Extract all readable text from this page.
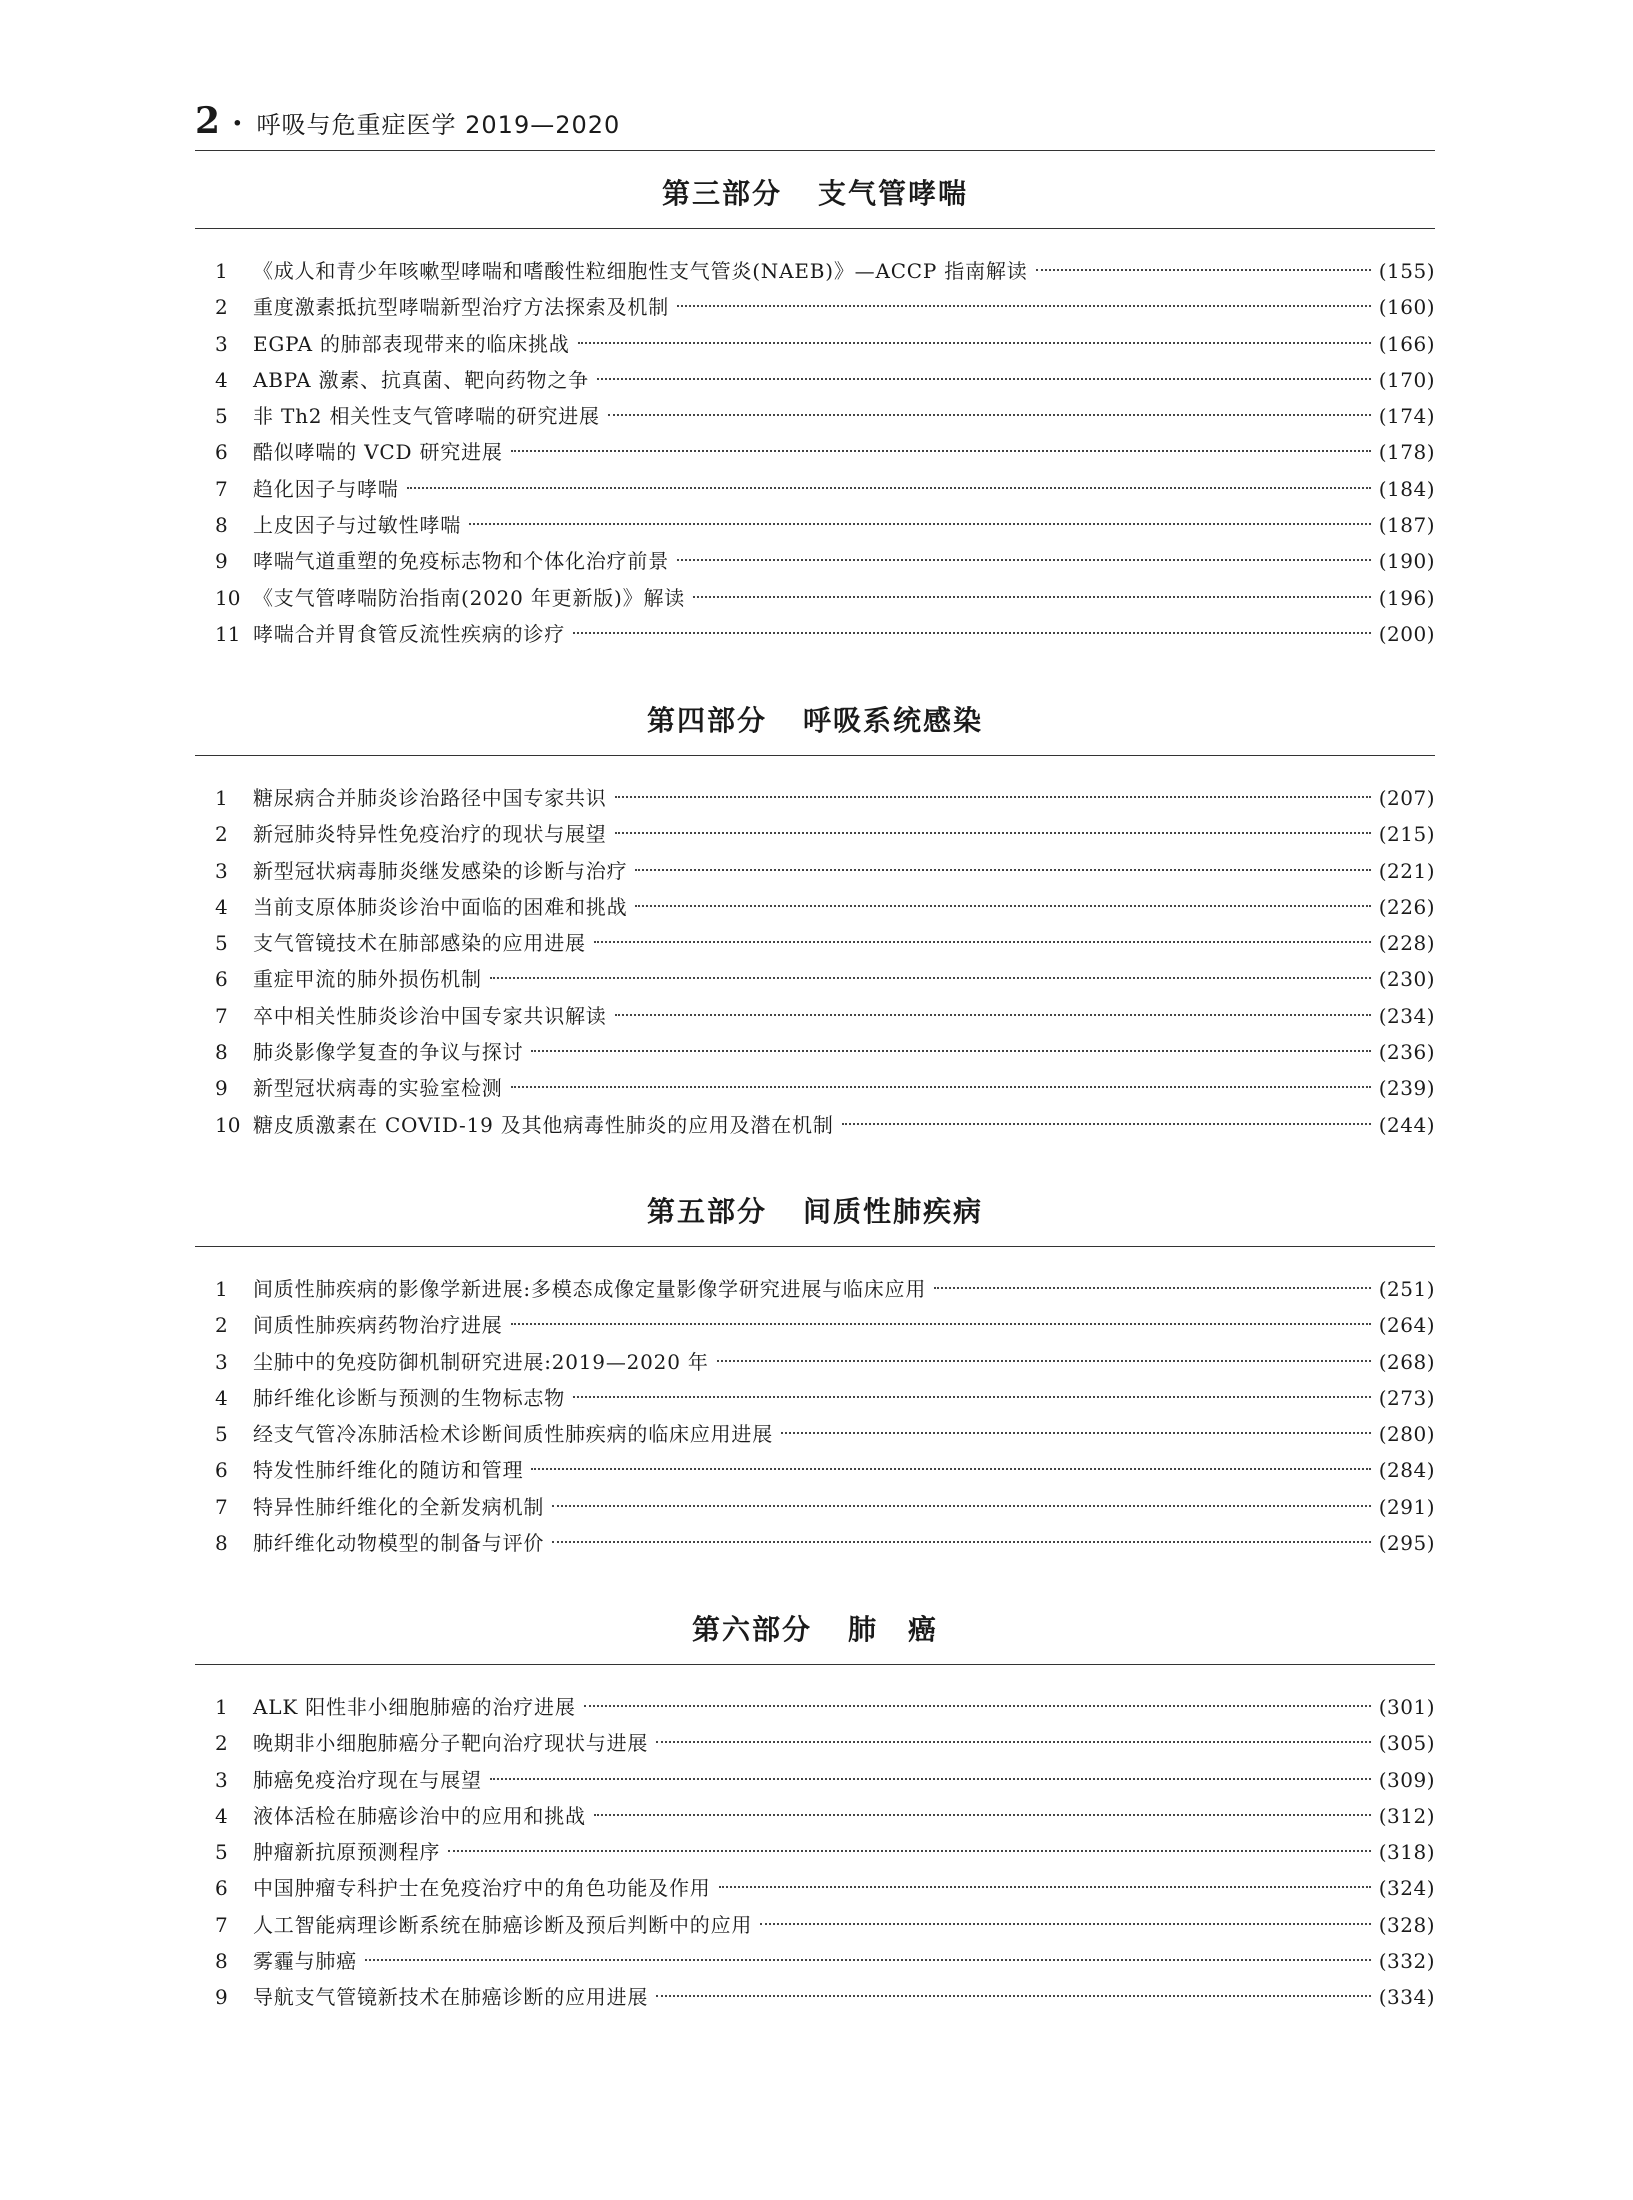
2 · 呼吸与危重症医学 2019—2020
第三部分 支气管哮喘
1	《成人和青少年咳嗽型哮喘和嗜酸性粒细胞性支气管炎(NAEB)》—ACCP 指南解读	(155)
2	重度激素抵抗型哮喘新型治疗方法探索及机制	(160)
3	EGPA 的肺部表现带来的临床挑战	(166)
4	ABPA 激素、抗真菌、靶向药物之争	(170)
5	非 Th2 相关性支气管哮喘的研究进展	(174)
6	酷似哮喘的 VCD 研究进展	(178)
7	趋化因子与哮喘	(184)
8	上皮因子与过敏性哮喘	(187)
9	哮喘气道重塑的免疫标志物和个体化治疗前景	(190)
10 《支气管哮喘防治指南(2020 年更新版)》解读	(196)
11 哮喘合并胃食管反流性疾病的诊疗	(200)
第四部分 呼吸系统感染
1	糖尿病合并肺炎诊治路径中国专家共识	(207)
2	新冠肺炎特异性免疫治疗的现状与展望	(215)
3	新型冠状病毒肺炎继发感染的诊断与治疗	(221)
4	当前支原体肺炎诊治中面临的困难和挑战	(226)
5	支气管镜技术在肺部感染的应用进展	(228)
6	重症甲流的肺外损伤机制	(230)
7	卒中相关性肺炎诊治中国专家共识解读	(234)
8	肺炎影像学复查的争议与探讨	(236)
9	新型冠状病毒的实验室检测	(239)
10 糖皮质激素在 COVID-19 及其他病毒性肺炎的应用及潜在机制	(244)
第五部分 间质性肺疾病
1	间质性肺疾病的影像学新进展:多模态成像定量影像学研究进展与临床应用	(251)
2	间质性肺疾病药物治疗进展	(264)
3	尘肺中的免疫防御机制研究进展:2019—2020 年	(268)
4	肺纤维化诊断与预测的生物标志物	(273)
5	经支气管冷冻肺活检术诊断间质性肺疾病的临床应用进展	(280)
6	特发性肺纤维化的随访和管理	(284)
7	特异性肺纤维化的全新发病机制	(291)
8	肺纤维化动物模型的制备与评价	(295)
第六部分 肺　癌
1	ALK 阳性非小细胞肺癌的治疗进展	(301)
2	晚期非小细胞肺癌分子靶向治疗现状与进展	(305)
3	肺癌免疫治疗现在与展望	(309)
4	液体活检在肺癌诊治中的应用和挑战	(312)
5	肿瘤新抗原预测程序	(318)
6	中国肿瘤专科护士在免疫治疗中的角色功能及作用	(324)
7	人工智能病理诊断系统在肺癌诊断及预后判断中的应用	(328)
8	雾霾与肺癌	(332)
9	导航支气管镜新技术在肺癌诊断的应用进展	(334)
